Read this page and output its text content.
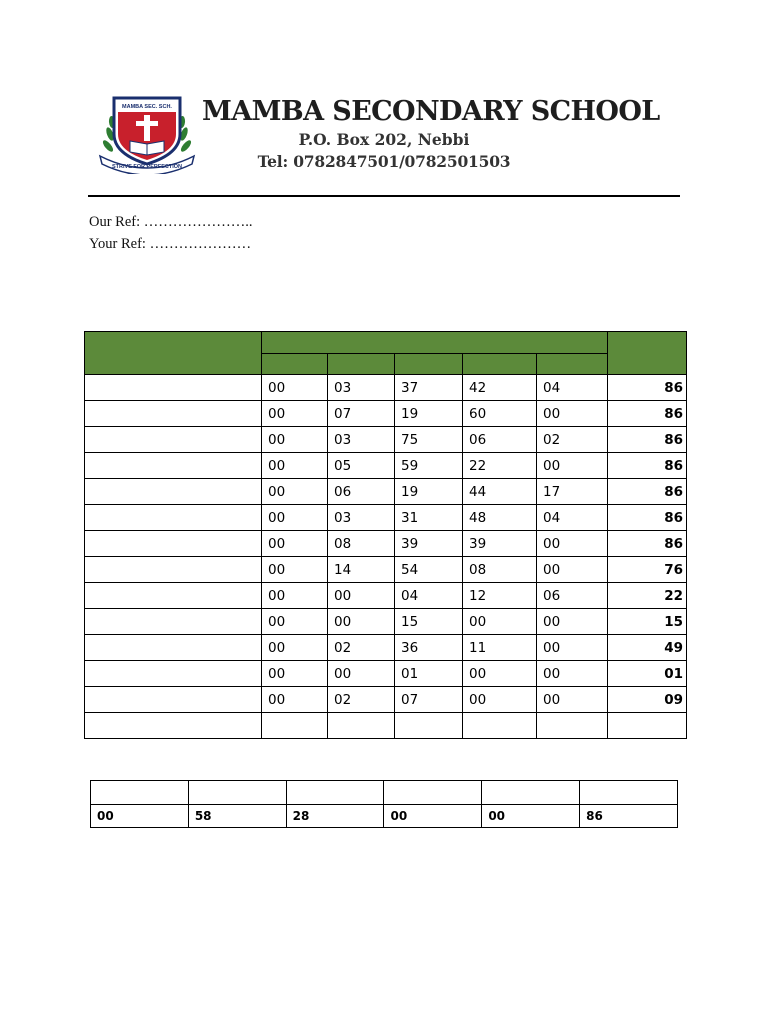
MAMBA SEC. SCH.
STRIVE FOR PERFECTION
MAMBA SECONDARY SCHOOL
P.O. Box 202, Nebbi
Tel: 0782847501/0782501503
Our Ref: …………………..
Your Ref: …………………

	00	03	37	42	04	86
	00	07	19	60	00	86
	00	03	75	06	02	86
	00	05	59	22	00	86
	00	06	19	44	17	86
	00	03	31	48	04	86
	00	08	39	39	00	86
	00	14	54	08	00	76
	00	00	04	12	06	22
	00	00	15	00	00	15
	00	02	36	11	00	49
	00	00	01	00	00	01
	00	02	07	00	00	09

00	58	28	00	00	86
